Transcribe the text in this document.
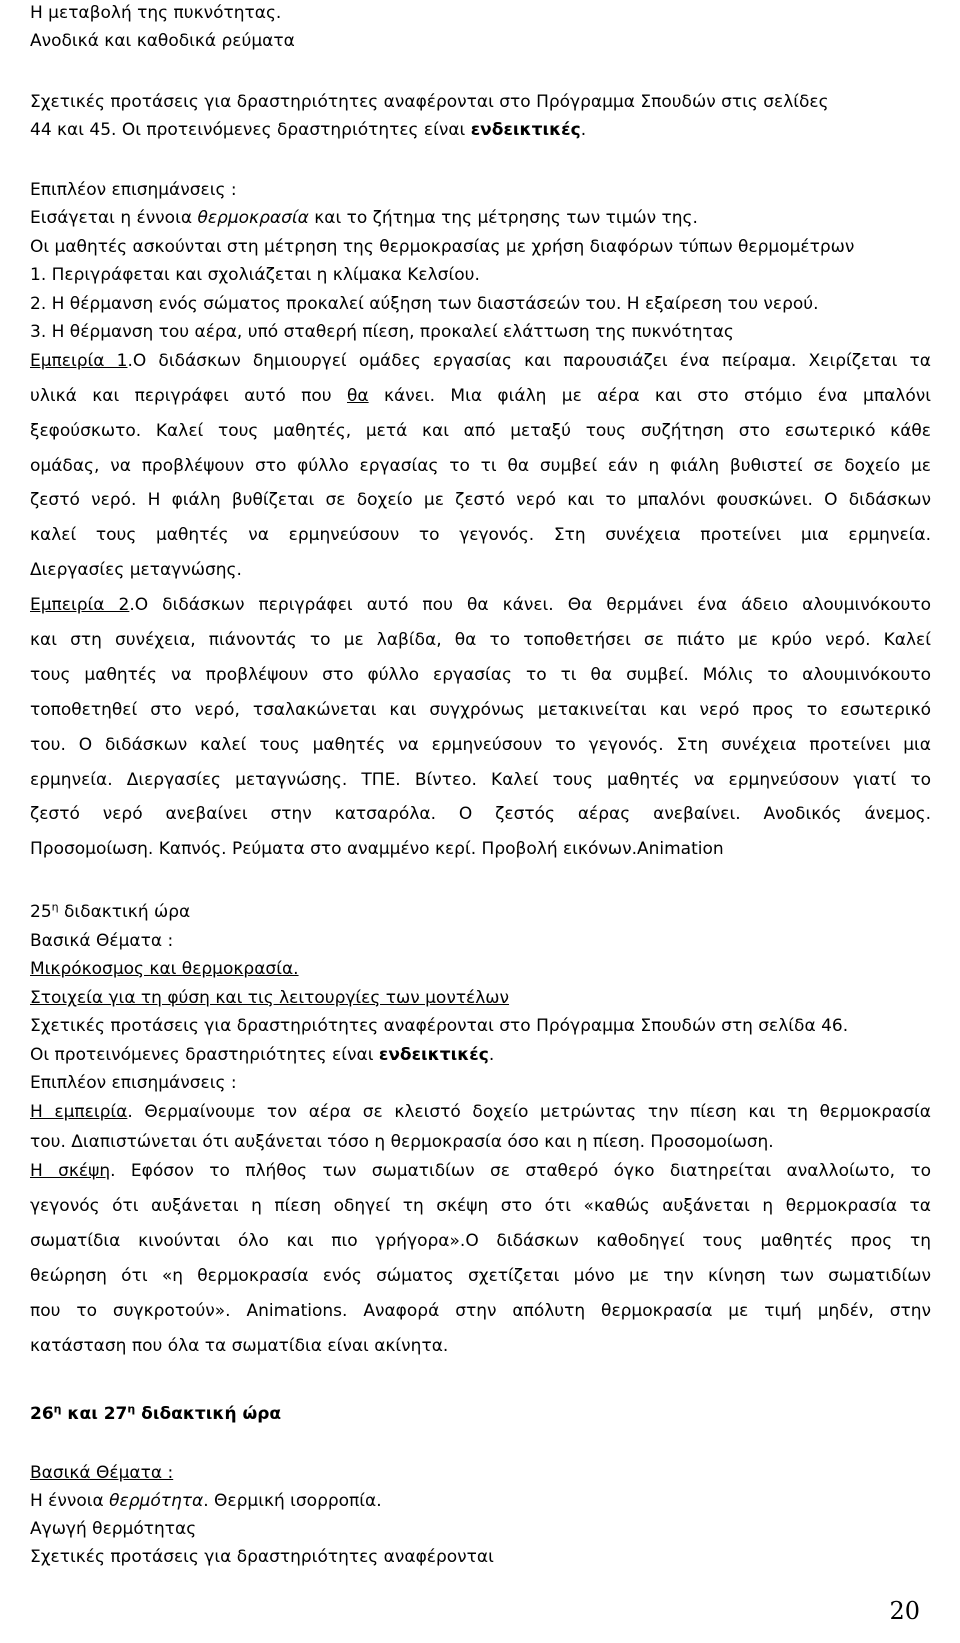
Η μεταβολή της πυκνότητας.
Ανοδικά και καθοδικά ρεύματα
Σχετικές προτάσεις για δραστηριότητες αναφέρονται στο Πρόγραμμα Σπουδών στις σελίδες
44 και 45. Οι προτεινόμενες δραστηριότητες είναι ενδεικτικές.
Επιπλέον επισημάνσεις :
Εισάγεται η έννοια θερμοκρασία και το ζήτημα της μέτρησης των τιμών της.
Οι μαθητές ασκούνται στη μέτρηση της θερμοκρασίας με χρήση διαφόρων τύπων θερμομέτρων
1. Περιγράφεται και σχολιάζεται η κλίμακα Κελσίου.
2. Η θέρμανση ενός σώματος προκαλεί αύξηση των διαστάσεών του. Η εξαίρεση του νερού.
3. Η θέρμανση του αέρα, υπό σταθερή πίεση, προκαλεί ελάττωση της πυκνότητας
Εμπειρία 1.Ο διδάσκων δημιουργεί ομάδες εργασίας και παρουσιάζει ένα πείραμα. Χειρίζεται τα
υλικά και περιγράφει αυτό που θα κάνει. Μια φιάλη με αέρα και στο στόμιο ένα μπαλόνι
ξεφούσκωτο. Καλεί τους μαθητές, μετά και από μεταξύ τους συζήτηση στο εσωτερικό κάθε
ομάδας, να προβλέψουν στο φύλλο εργασίας το τι θα συμβεί εάν η φιάλη βυθιστεί σε δοχείο με
ζεστό νερό. Η φιάλη βυθίζεται σε δοχείο με ζεστό νερό και το μπαλόνι φουσκώνει. Ο διδάσκων
καλεί τους μαθητές να ερμηνεύσουν το γεγονός. Στη συνέχεια προτείνει μια ερμηνεία.
Διεργασίες μεταγνώσης.
Εμπειρία 2.Ο διδάσκων περιγράφει αυτό που θα κάνει. Θα θερμάνει ένα άδειο αλουμινόκουτο
και στη συνέχεια, πιάνοντάς το με λαβίδα, θα το τοποθετήσει σε πιάτο με κρύο νερό. Καλεί
τους μαθητές να προβλέψουν στο φύλλο εργασίας το τι θα συμβεί. Μόλις το αλουμινόκουτο
τοποθετηθεί στο νερό, τσαλακώνεται και συγχρόνως μετακινείται και νερό προς το εσωτερικό
του. Ο διδάσκων καλεί τους μαθητές να ερμηνεύσουν το γεγονός. Στη συνέχεια προτείνει μια
ερμηνεία. Διεργασίες μεταγνώσης. ΤΠΕ. Βίντεο. Καλεί τους μαθητές να ερμηνεύσουν γιατί το
ζεστό νερό ανεβαίνει στην κατσαρόλα. Ο ζεστός αέρας ανεβαίνει. Ανοδικός άνεμος.
Προσομοίωση. Καπνός. Ρεύματα στο αναμμένο κερί. Προβολή εικόνων.Animation
$25^\eta$ διδακτική ώρα
Βασικά Θέματα :
Μικρόκοσμος και θερμοκρασία.
Στοιχεία για τη φύση και τις λειτουργίες των μοντέλων
Σχετικές προτάσεις για δραστηριότητες αναφέρονται στο Πρόγραμμα Σπουδών στη σελίδα 46.
Οι προτεινόμενες δραστηριότητες είναι ενδεικτικές.
Επιπλέον επισημάνσεις :
Η εμπειρία. Θερμαίνουμε τον αέρα σε κλειστό δοχείο μετρώντας την πίεση και τη θερμοκρασία
του. Διαπιστώνεται ότι αυξάνεται τόσο η θερμοκρασία όσο και η πίεση. Προσομοίωση.
Η σκέψη. Εφόσον το πλήθος των σωματιδίων σε σταθερό όγκο διατηρείται αναλλοίωτο, το
γεγονός ότι αυξάνεται η πίεση οδηγεί τη σκέψη στο ότι «καθώς αυξάνεται η θερμοκρασία τα
σωματίδια κινούνται όλο και πιο γρήγορα».Ο διδάσκων καθοδηγεί τους μαθητές προς τη
θεώρηση ότι «η θερμοκρασία ενός σώματος σχετίζεται μόνο με την κίνηση των σωματιδίων
που το συγκροτούν». Animations. Αναφορά στην απόλυτη θερμοκρασία με τιμή μηδέν, στην
κατάσταση που όλα τα σωματίδια είναι ακίνητα.
$26^\eta$ και $27^\eta$ διδακτική ώρα
Βασικά Θέματα :
Η έννοια θερμότητα. Θερμική ισορροπία.
Αγωγή θερμότητας
Σχετικές προτάσεις για δραστηριότητες αναφέρονται
20
